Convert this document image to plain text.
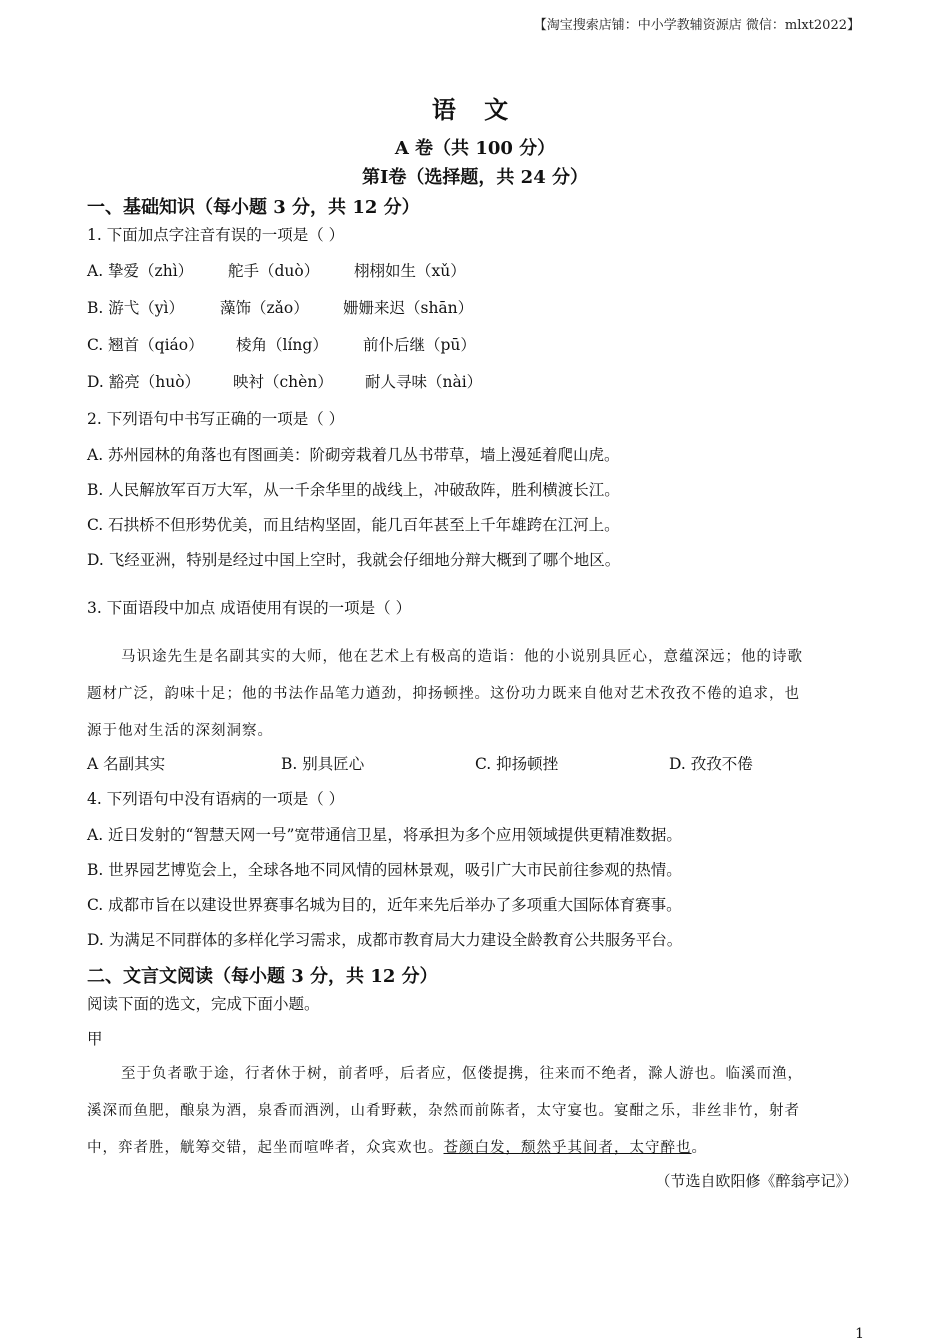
【淘宝搜索店铺：中小学教辅资源店 微信：mlxt2022】
语 文
A 卷（共 100 分）
第Ⅰ卷（选择题，共 24 分）
一、基础知识（每小题 3 分，共 12 分）
1. 下面加点字注音有误的一项是（ ）
A. 挚爱（zhì） 舵手（duò） 栩栩如生（xǔ）
B. 游弋（yì） 藻饰（zǎo） 姗姗来迟（shān）
C. 翘首（qiáo） 棱角（líng） 前仆后继（pū）
D. 豁亮（huò） 映衬（chèn） 耐人寻味（nài）
2. 下列语句中书写正确的一项是（ ）
A. 苏州园林的角落也有图画美：阶砌旁栽着几丛书带草，墙上漫延着爬山虎。
B. 人民解放军百万大军，从一千余华里的战线上，冲破敌阵，胜利横渡长江。
C. 石拱桥不但形势优美，而且结构坚固，能几百年甚至上千年雄跨在江河上。
D. 飞经亚洲，特别是经过中国上空时，我就会仔细地分辩大概到了哪个地区。
3. 下面语段中加点 成语使用有误的一项是（ ）
马识途先生是名副其实的大师，他在艺术上有极高的造诣：他的小说别具匠心，意蕴深远；他的诗歌
题材广泛，韵味十足；他的书法作品笔力遒劲，抑扬顿挫。这份功力既来自他对艺术孜孜不倦的追求，也
源于他对生活的深刻洞察。
A 名副其实	B. 别具匠心	C. 抑扬顿挫	D. 孜孜不倦
4. 下列语句中没有语病的一项是（ ）
A. 近日发射的“智慧天网一号”宽带通信卫星，将承担为多个应用领域提供更精准数据。
B. 世界园艺博览会上，全球各地不同风情的园林景观，吸引广大市民前往参观的热情。
C. 成都市旨在以建设世界赛事名城为目的，近年来先后举办了多项重大国际体育赛事。
D. 为满足不同群体的多样化学习需求，成都市教育局大力建设全龄教育公共服务平台。
二、文言文阅读（每小题 3 分，共 12 分）
阅读下面的选文，完成下面小题。
甲
至于负者歌于途，行者休于树，前者呼，后者应，伛偻提携，往来而不绝者，滁人游也。临溪而渔，
溪深而鱼肥，酿泉为酒，泉香而酒洌，山肴野蔌，杂然而前陈者，太守宴也。宴酣之乐，非丝非竹，射者
中，弈者胜，觥筹交错，起坐而喧哗者，众宾欢也。苍颜白发，颓然乎其间者，太守醉也。
（节选自欧阳修《醉翁亭记》）
1
